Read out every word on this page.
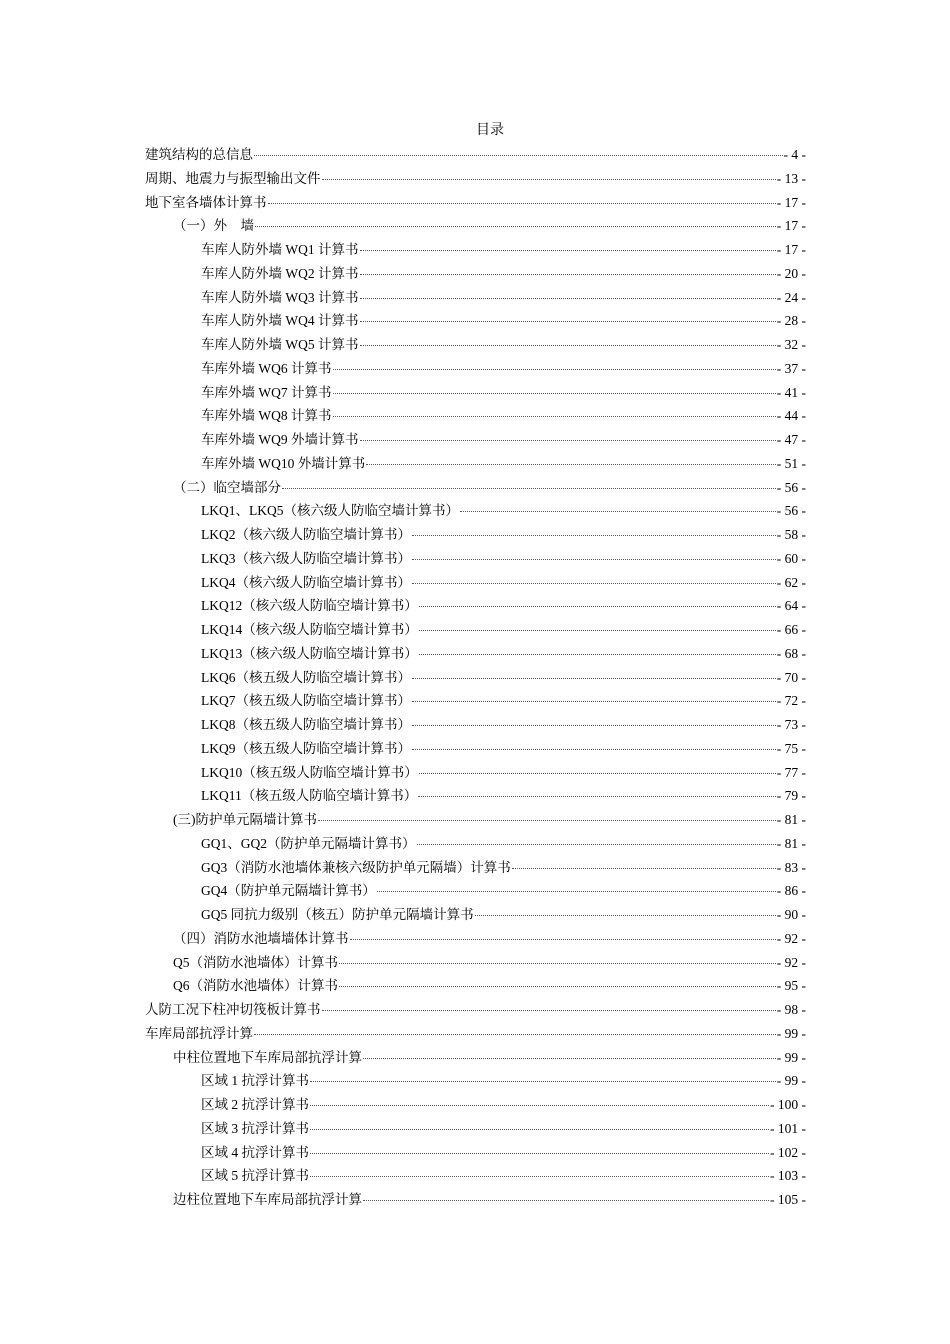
目录
建筑结构的总信息	- 4 -
周期、地震力与振型输出文件	- 13 -
地下室各墙体计算书	- 17 -
（一）外　墙	- 17 -
车库人防外墙 WQ1 计算书	- 17 -
车库人防外墙 WQ2 计算书	- 20 -
车库人防外墙 WQ3 计算书	- 24 -
车库人防外墙 WQ4 计算书	- 28 -
车库人防外墙 WQ5 计算书	- 32 -
车库外墙 WQ6 计算书	- 37 -
车库外墙 WQ7 计算书	- 41 -
车库外墙 WQ8 计算书	- 44 -
车库外墙 WQ9 外墙计算书	- 47 -
车库外墙 WQ10 外墙计算书	- 51 -
（二）临空墙部分	- 56 -
LKQ1、LKQ5（核六级人防临空墙计算书）	- 56 -
LKQ2（核六级人防临空墙计算书）	- 58 -
LKQ3（核六级人防临空墙计算书）	- 60 -
LKQ4（核六级人防临空墙计算书）	- 62 -
LKQ12（核六级人防临空墙计算书）	- 64 -
LKQ14（核六级人防临空墙计算书）	- 66 -
LKQ13（核六级人防临空墙计算书）	- 68 -
LKQ6（核五级人防临空墙计算书）	- 70 -
LKQ7（核五级人防临空墙计算书）	- 72 -
LKQ8（核五级人防临空墙计算书）	- 73 -
LKQ9（核五级人防临空墙计算书）	- 75 -
LKQ10（核五级人防临空墙计算书）	- 77 -
LKQ11（核五级人防临空墙计算书）	- 79 -
(三)防护单元隔墙计算书	- 81 -
GQ1、GQ2（防护单元隔墙计算书）	- 81 -
GQ3（消防水池墙体兼核六级防护单元隔墙）计算书	- 83 -
GQ4（防护单元隔墙计算书）	- 86 -
GQ5 同抗力级别（核五）防护单元隔墙计算书	- 90 -
（四）消防水池墙墙体计算书	- 92 -
Q5（消防水池墙体）计算书	- 92 -
Q6（消防水池墙体）计算书	- 95 -
人防工况下柱冲切筏板计算书	- 98 -
车库局部抗浮计算	- 99 -
中柱位置地下车库局部抗浮计算	- 99 -
区域 1 抗浮计算书	- 99 -
区域 2 抗浮计算书	- 100 -
区域 3 抗浮计算书	- 101 -
区域 4 抗浮计算书	- 102 -
区域 5 抗浮计算书	- 103 -
边柱位置地下车库局部抗浮计算	- 105 -
